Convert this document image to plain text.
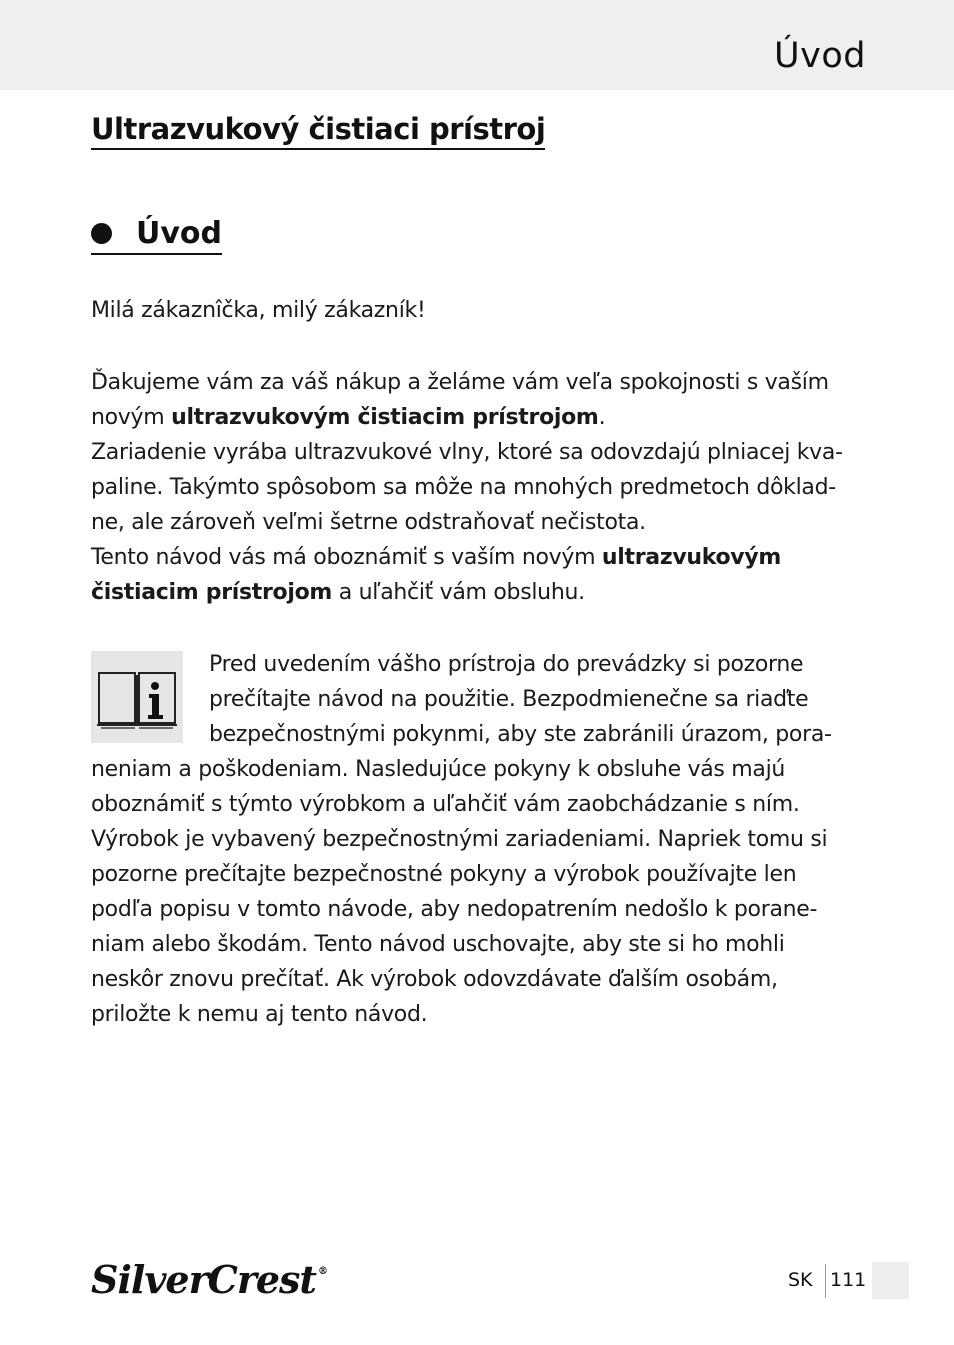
Úvod
Ultrazvukový čistiaci prístroj
Úvod

Milá zákaznîčka, milý zákazník!

Ďakujeme vám za váš nákup a želáme vám veľa spokojnosti s vaším

novým ultrazvukovým čistiacim prístrojom.

Zariadenie vyrába ultrazvukové vlny, ktoré sa odovzdajú plniacej kva-

paline. Takýmto spôsobom sa môže na mnohých predmetoch dôklad-

ne, ale zároveň veľmi šetrne odstraňovať nečistota.

Tento návod vás má oboznámiť s vaším novým ultrazvukovým

čistiacim prístrojom a uľahčiť vám obsluhu.

Pred uvedením vášho prístroja do prevádzky si pozorne

prečítajte návod na použitie. Bezpodmienečne sa riaďte

bezpečnostnými pokynmi, aby ste zabránili úrazom, pora-

neniam a poškodeniam. Nasledujúce pokyny k obsluhe vás majú

oboznámiť s týmto výrobkom a uľahčiť vám zaobchádzanie s ním.

Výrobok je vybavený bezpečnostnými zariadeniami. Napriek tomu si

pozorne prečítajte bezpečnostné pokyny a výrobok používajte len

podľa popisu v tomto návode, aby nedopatrením nedošlo k porane-

niam alebo škodám. Tento návod uschovajte, aby ste si ho mohli

neskôr znovu prečítať. Ak výrobok odovzdávate ďalším osobám,

priložte k nemu aj tento návod.

SilverCrest ®	SK 111
